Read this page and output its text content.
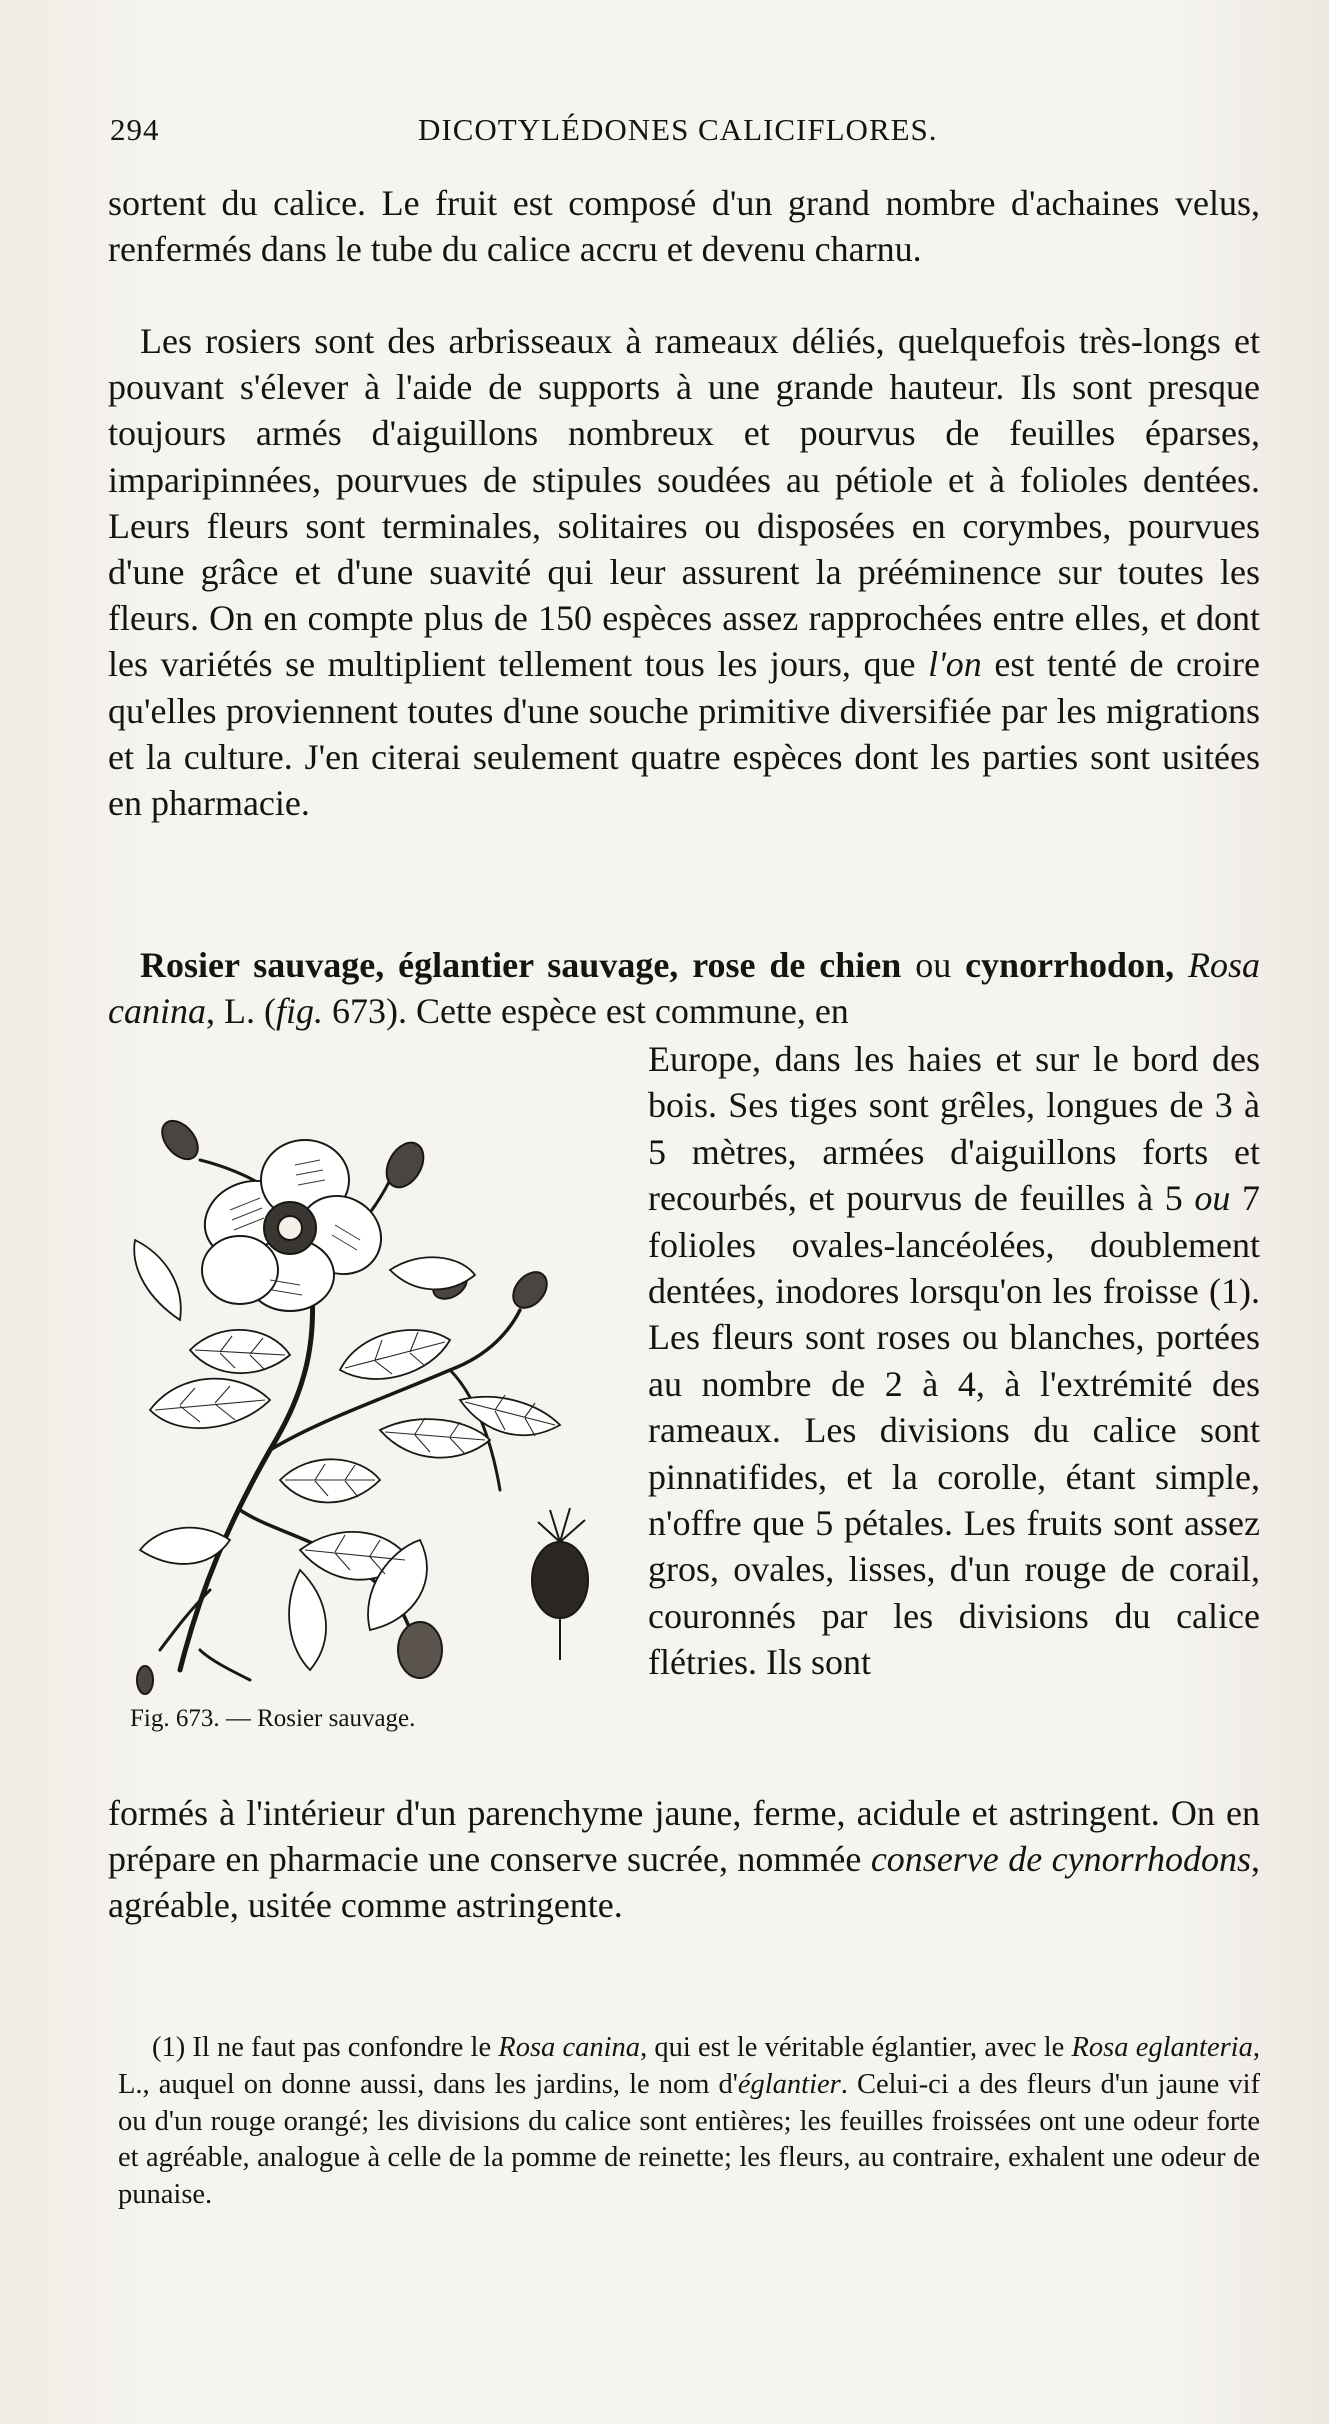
294	DICOTYLÉDONES CALICIFLORES.

sortent du calice. Le fruit est composé d'un grand nombre d'achaines velus, renfermés dans le tube du calice accru et devenu charnu.

Les rosiers sont des arbrisseaux à rameaux déliés, quelquefois très-longs et pouvant s'élever à l'aide de supports à une grande hauteur. Ils sont presque toujours armés d'aiguillons nombreux et pourvus de feuilles éparses, imparipinnées, pourvues de stipules soudées au pétiole et à folioles dentées. Leurs fleurs sont terminales, solitaires ou disposées en corymbes, pourvues d'une grâce et d'une suavité qui leur assurent la prééminence sur toutes les fleurs. On en compte plus de 150 espèces assez rapprochées entre elles, et dont les variétés se multiplient tellement tous les jours, que l'on est tenté de croire qu'elles proviennent toutes d'une souche primitive diversifiée par les migrations et la culture. J'en citerai seulement quatre espèces dont les parties sont usitées en pharmacie.

Rosier sauvage, églantier sauvage, rose de chien ou cynorrhodon, Rosa canina, L. (fig. 673). Cette espèce est commune, en

Europe, dans les haies et sur le bord des bois. Ses tiges sont grêles, longues de 3 à 5 mètres, armées d'aiguillons forts et recourbés, et pourvus de feuilles à 5 ou 7 folioles ovales-lancéolées, doublement dentées, inodores lorsqu'on les froisse (1). Les fleurs sont roses ou blanches, portées au nombre de 2 à 4, à l'extrémité des rameaux. Les divisions du calice sont pinnatifides, et la corolle, étant simple, n'offre que 5 pétales. Les fruits sont assez gros, ovales, lisses, d'un rouge de corail, couronnés par les divisions du calice flétries. Ils sont
Fig. 673. — Rosier sauvage.

formés à l'intérieur d'un parenchyme jaune, ferme, acidule et astringent. On en prépare en pharmacie une conserve sucrée, nommée conserve de cynorrhodons, agréable, usitée comme astringente.

(1) Il ne faut pas confondre le Rosa canina, qui est le véritable églantier, avec le Rosa eglanteria, L., auquel on donne aussi, dans les jardins, le nom d'églantier. Celui-ci a des fleurs d'un jaune vif ou d'un rouge orangé; les divisions du calice sont entières; les feuilles froissées ont une odeur forte et agréable, analogue à celle de la pomme de reinette; les fleurs, au contraire, exhalent une odeur de punaise.
